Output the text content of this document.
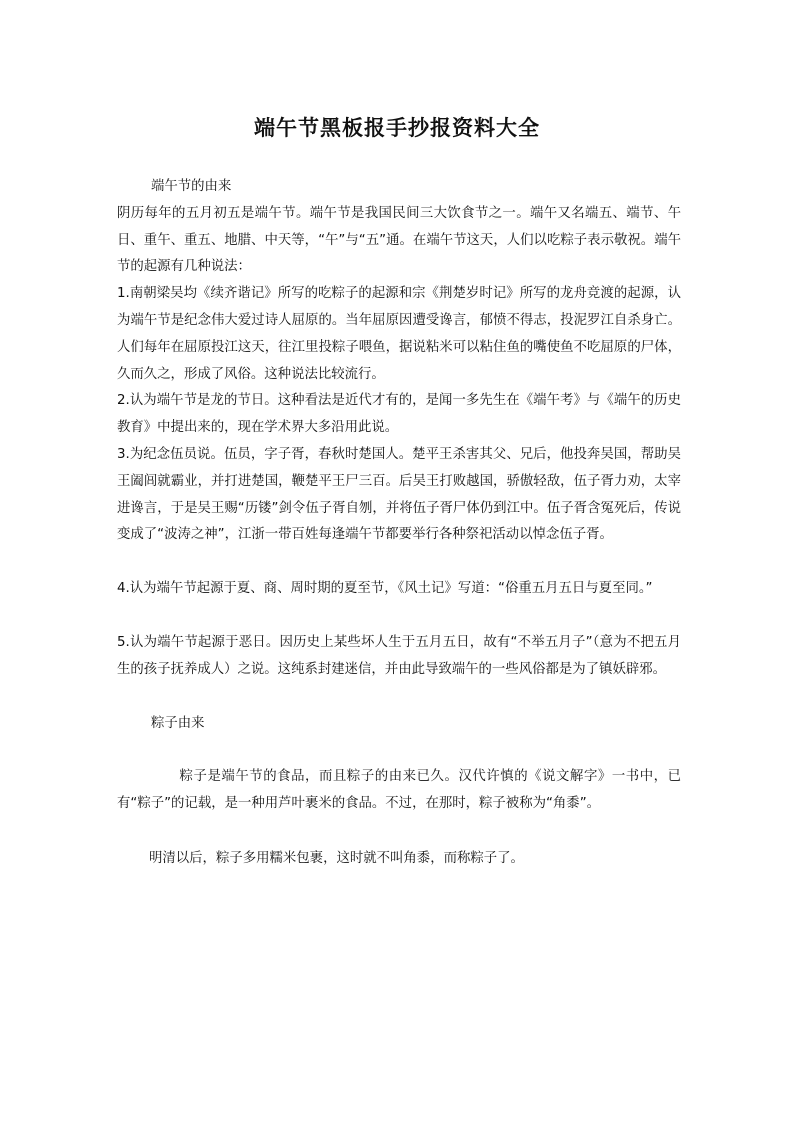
端午节黑板报手抄报资料大全

端午节的由来

阴历每年的五月初五是端午节。端午节是我国民间三大饮食节之一。端午又名端五、端节、午日、重午、重五、地腊、中天等，“午”与“五”通。在端午节这天，人们以吃粽子表示敬祝。端午节的起源有几种说法：

1.南朝梁吴均《续齐谐记》所写的吃粽子的起源和宗《荆楚岁时记》所写的龙舟竞渡的起源，认为端午节是纪念伟大爱过诗人屈原的。当年屈原因遭受谗言，郁愤不得志，投泥罗江自杀身亡。人们每年在屈原投江这天，往江里投粽子喂鱼，据说粘米可以粘住鱼的嘴使鱼不吃屈原的尸体，久而久之，形成了风俗。这种说法比较流行。

2.认为端午节是龙的节日。这种看法是近代才有的，是闻一多先生在《端午考》与《端午的历史教育》中提出来的，现在学术界大多沿用此说。

3.为纪念伍员说。伍员，字子胥，春秋时楚国人。楚平王杀害其父、兄后，他投奔吴国，帮助吴王阖闾就霸业，并打进楚国，鞭楚平王尸三百。后吴王打败越国，骄傲轻敌，伍子胥力劝，太宰进谗言，于是吴王赐“历镂”剑令伍子胥自刎，并将伍子胥尸体仍到江中。伍子胥含冤死后，传说变成了“波涛之神”，江浙一带百姓每逢端午节都要举行各种祭祀活动以悼念伍子胥。

4.认为端午节起源于夏、商、周时期的夏至节，《风土记》写道：“俗重五月五日与夏至同。”

5.认为端午节起源于恶日。因历史上某些坏人生于五月五日，故有“不举五月子”（意为不把五月生的孩子抚养成人）之说。这纯系封建迷信，并由此导致端午的一些风俗都是为了镇妖辟邪。

粽子由来

粽子是端午节的食品，而且粽子的由来已久。汉代许慎的《说文解字》一书中，已有“粽子”的记载，是一种用芦叶裹米的食品。不过，在那时，粽子被称为“角黍”。

明清以后，粽子多用糯米包裹，这时就不叫角黍，而称粽子了。
